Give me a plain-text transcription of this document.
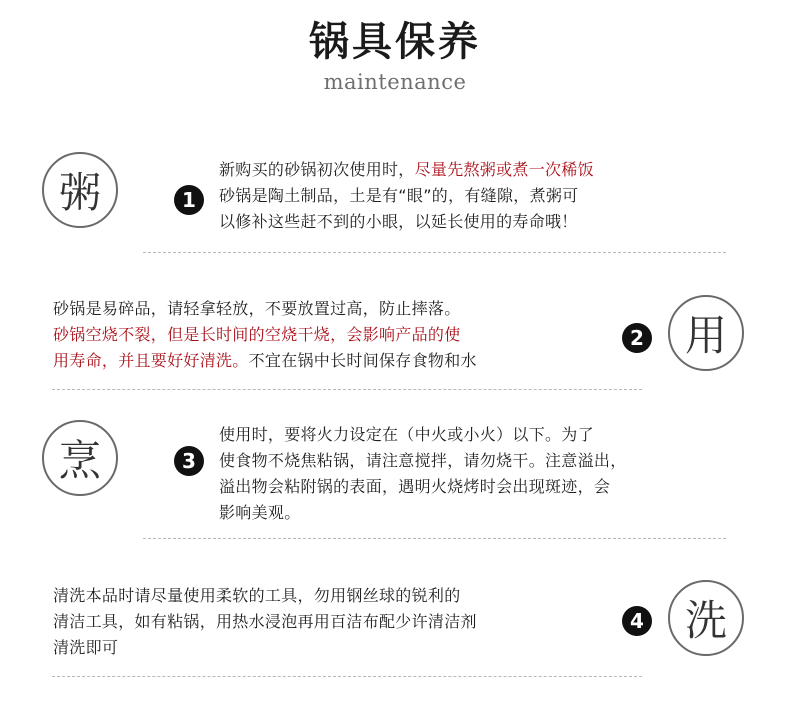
锅具保养
maintenance
粥	1
新购买的砂锅初次使用时，尽量先熬粥或煮一次稀饭
砂锅是陶土制品，土是有“眼”的，有缝隙，煮粥可
以修补这些赶不到的小眼，以延长使用的寿命哦！
砂锅是易碎品，请轻拿轻放，不要放置过高，防止摔落。
砂锅空烧不裂，但是长时间的空烧干烧，会影响产品的使
用寿命，并且要好好清洗。不宜在锅中长时间保存食物和水
2 用
烹	3
使用时，要将火力设定在（中火或小火）以下。为了
使食物不烧焦粘锅，请注意搅拌，请勿烧干。注意溢出，
溢出物会粘附锅的表面，遇明火烧烤时会出现斑迹，会
影响美观。
清洗本品时请尽量使用柔软的工具，勿用钢丝球的锐利的
清洁工具，如有粘锅，用热水浸泡再用百洁布配少许清洁剂
清洗即可
4 洗
